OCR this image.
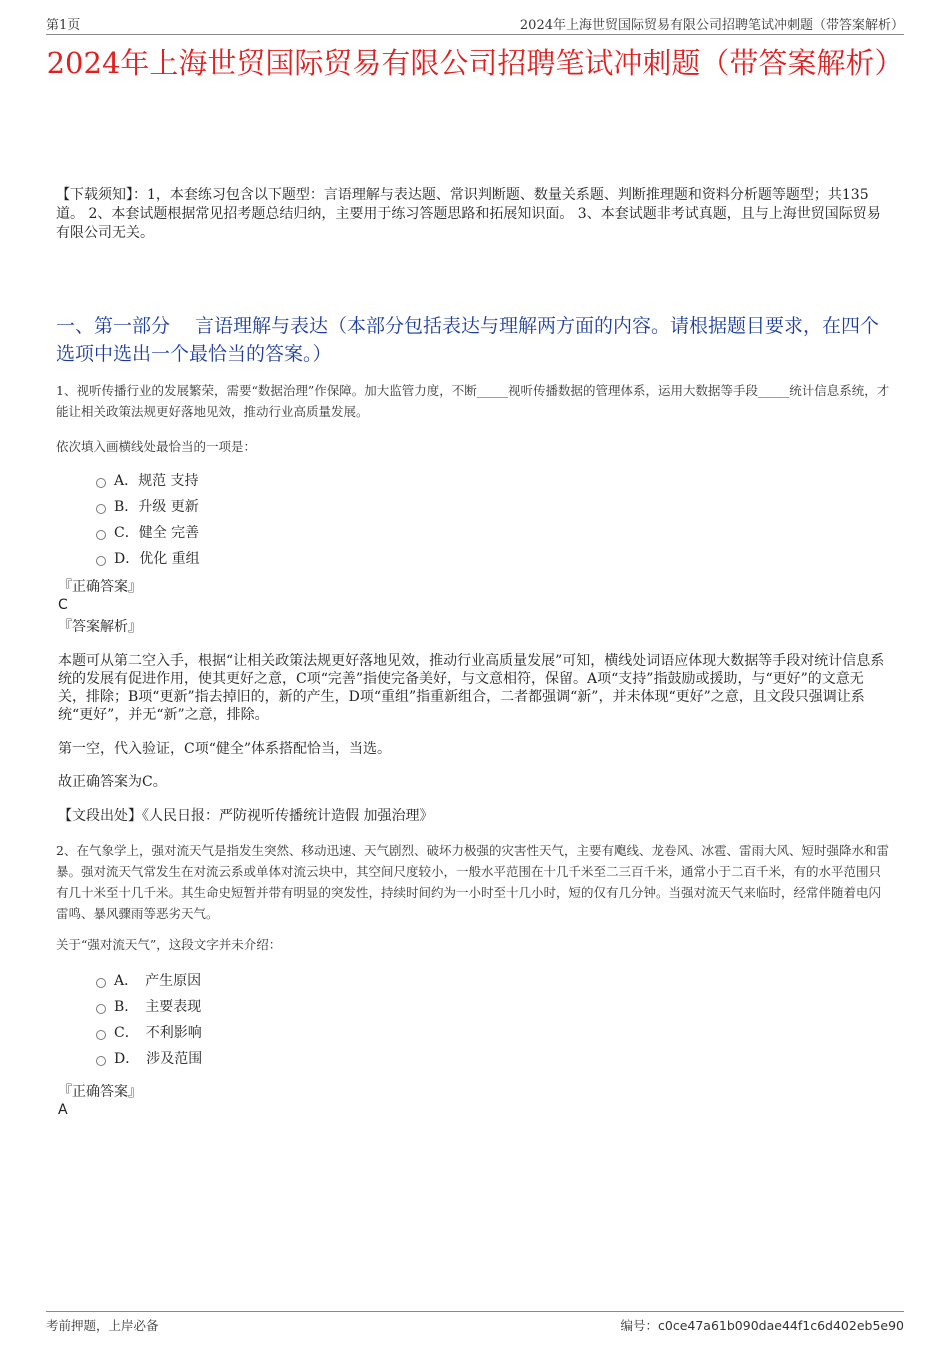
第1页	2024年上海世贸国际贸易有限公司招聘笔试冲刺题（带答案解析）
2024年上海世贸国际贸易有限公司招聘笔试冲刺题（带答案解析）
【下载须知】：1，本套练习包含以下题型：言语理解与表达题、常识判断题、数量关系题、判断推理题和资料分析题等题型；共135道。 2、本套试题根据常见招考题总结归纳，主要用于练习答题思路和拓展知识面。 3、本套试题非考试真题，且与上海世贸国际贸易有限公司无关。
一、第一部分　 言语理解与表达（本部分包括表达与理解两方面的内容。请根据题目要求，在四个选项中选出一个最恰当的答案。）
1、视听传播行业的发展繁荣，需要“数据治理”作保障。加大监管力度，不断_____视听传播数据的管理体系，运用大数据等手段_____统计信息系统，才能让相关政策法规更好落地见效，推动行业高质量发展。
依次填入画横线处最恰当的一项是：
A．规范 支持
B．升级 更新
C．健全 完善
D．优化 重组
『正确答案』
C
『答案解析』
本题可从第二空入手，根据“让相关政策法规更好落地见效，推动行业高质量发展”可知，横线处词语应体现大数据等手段对统计信息系统的发展有促进作用，使其更好之意，C项“完善”指使完备美好，与文意相符，保留。A项“支持”指鼓励或援助，与“更好”的文意无关，排除；B项“更新”指去掉旧的，新的产生，D项“重组”指重新组合，二者都强调“新”，并未体现“更好”之意，且文段只强调让系统“更好”，并无“新”之意，排除。
第一空，代入验证，C项“健全”体系搭配恰当，当选。
故正确答案为C。
【文段出处】《人民日报：严防视听传播统计造假 加强治理》
2、在气象学上，强对流天气是指发生突然、移动迅速、天气剧烈、破坏力极强的灾害性天气，主要有飑线、龙卷风、冰雹、雷雨大风、短时强降水和雷暴。强对流天气常发生在对流云系或单体对流云块中，其空间尺度较小，一般水平范围在十几千米至二三百千米，通常小于二百千米，有的水平范围只有几十米至十几千米。其生命史短暂并带有明显的突发性，持续时间约为一小时至十几小时，短的仅有几分钟。当强对流天气来临时，经常伴随着电闪雷鸣、暴风骤雨等恶劣天气。
关于“强对流天气”，这段文字并未介绍：
A．　产生原因
B．　主要表现
C．　不利影响
D．　涉及范围
『正确答案』
A
考前押题，上岸必备	编号：c0ce47a61b090dae44f1c6d402eb5e90
